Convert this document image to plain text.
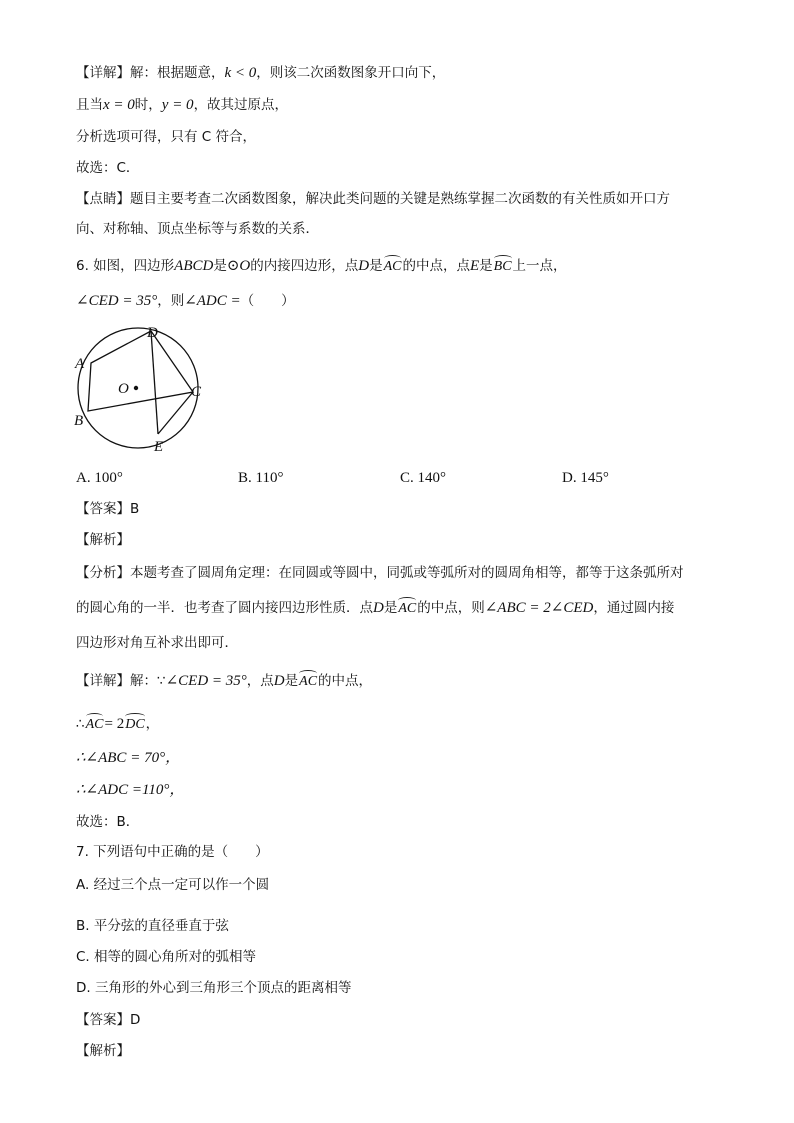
【详解】解：根据题意，k < 0，则该二次函数图象开口向下，
且当x = 0时，y = 0，故其过原点，
分析选项可得，只有 C 符合，
故选：C．
【点睛】题目主要考查二次函数图象，解决此类问题的关键是熟练掌握二次函数的有关性质如开口方
向、对称轴、顶点坐标等与系数的关系．
6. 如图，四边形ABCD是⊙O的内接四边形，点D是AC的中点，点E是BC上一点，
∠CED = 35°，则∠ADC =（　　）
A
B
C
D
E
O
A. 100°	B. 110°	C. 140°	D. 145°
【答案】B
【解析】
【分析】本题考查了圆周角定理：在同圆或等圆中，同弧或等弧所对的圆周角相等，都等于这条弧所对
的圆心角的一半．也考查了圆内接四边形性质．点D是AC的中点，则∠ABC = 2∠CED，通过圆内接
四边形对角互补求出即可．
【详解】解：∵∠CED = 35°，点D是AC的中点，
∴AC= 2DC，
∴∠ABC = 70°，
∴∠ADC =110°，
故选：B．
7. 下列语句中正确的是（　　）
A. 经过三个点一定可以作一个圆
B. 平分弦的直径垂直于弦
C. 相等的圆心角所对的弧相等
D. 三角形的外心到三角形三个顶点的距离相等
【答案】D
【解析】
